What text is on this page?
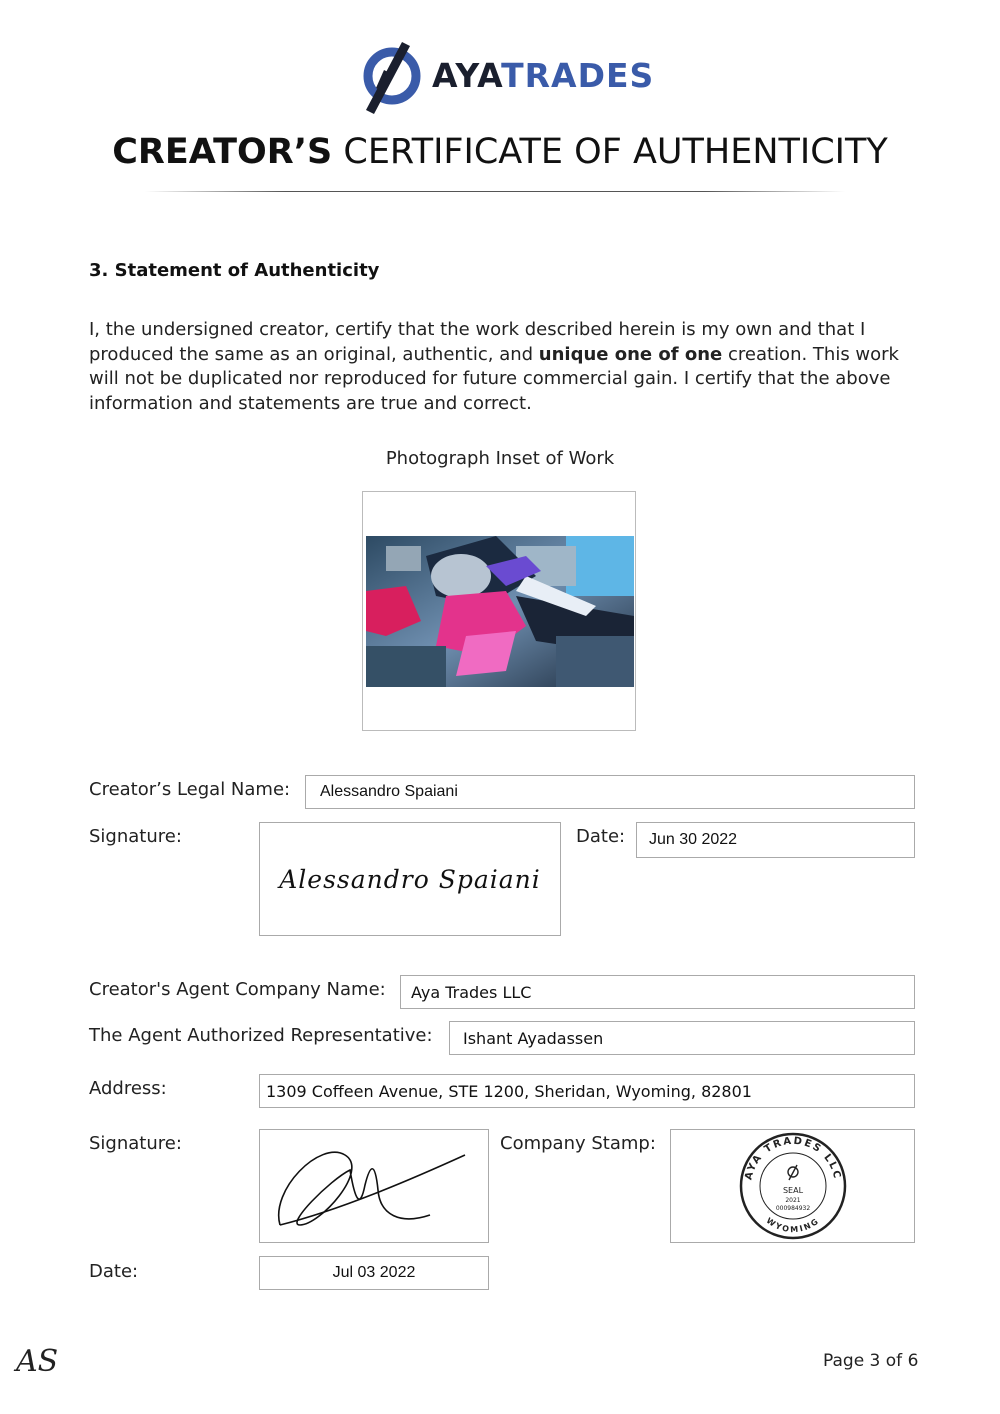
AYATRADES
CREATOR’S CERTIFICATE OF AUTHENTICITY
3. Statement of Authenticity
I, the undersigned creator, certify that the work described herein is my own and that I produced the same as an original, authentic, and unique one of one creation. This work will not be duplicated nor reproduced for future commercial gain. I certify that the above information and statements are true and correct.
Photograph Inset of Work
Creator’s Legal Name: Alessandro Spaiani
Signature:
Alessandro Spaiani
Date: Jun 30 2022
Creator's Agent Company Name: Aya Trades LLC
The Agent Authorized Representative: Ishant Ayadassen
Address:	1309 Coffeen Avenue, STE 1200, Sheridan, Wyoming, 82801
Signature:	Company Stamp:
AYA TRADES LLC
WYOMING
SEAL
2021
000984932
Date:	Jul 03 2022
AS	Page 3 of 6
